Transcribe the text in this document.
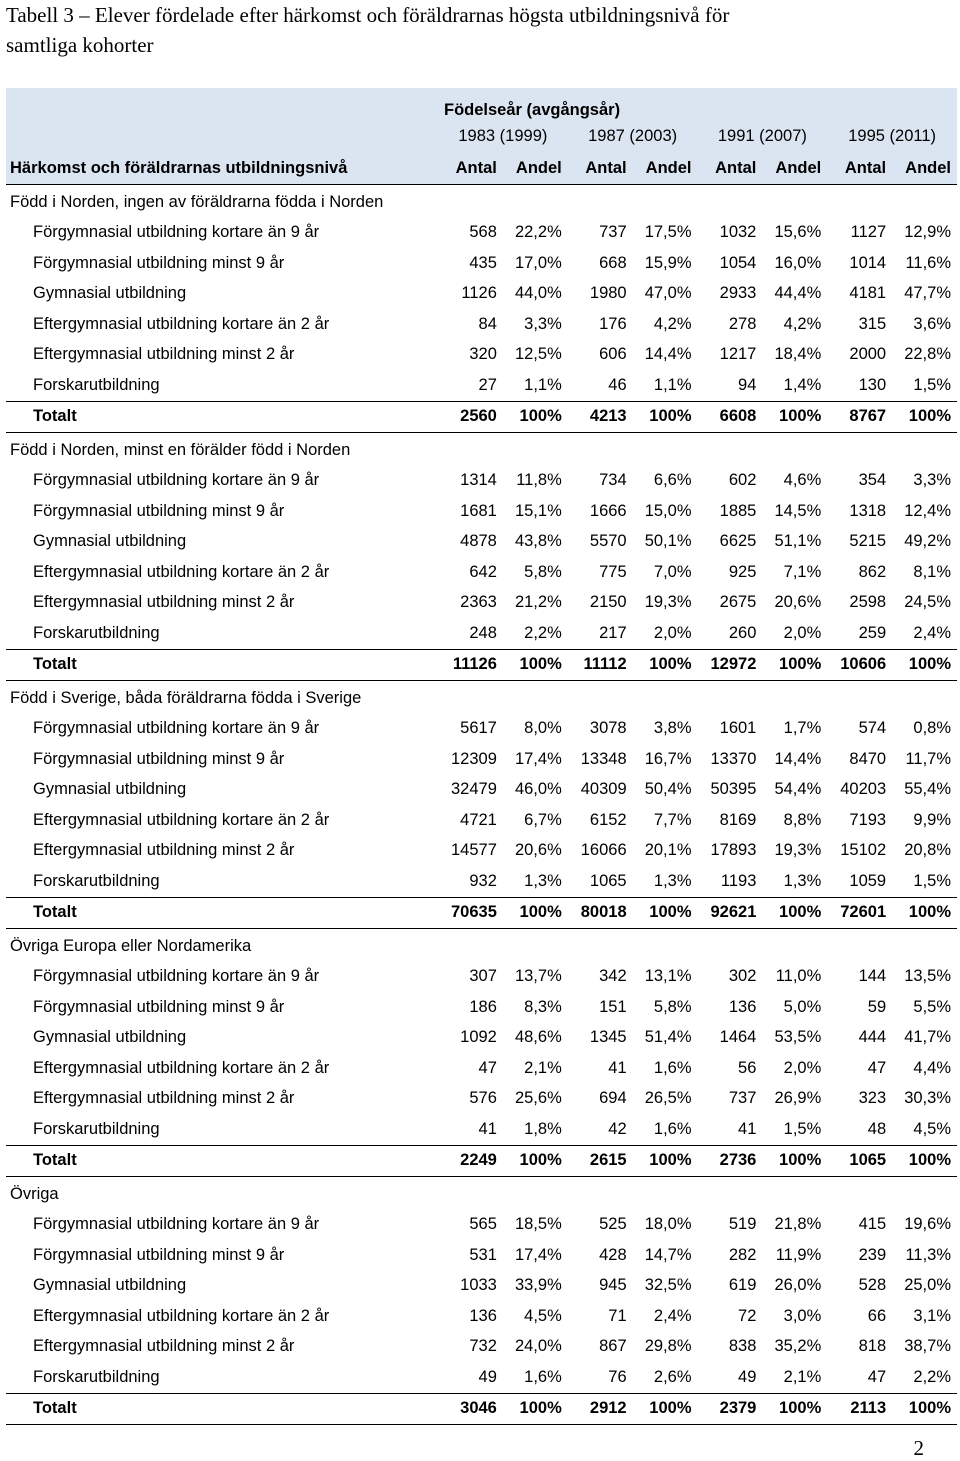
Tabell 3 – Elever fördelade efter härkomst och föräldrarnas högsta utbildningsnivå för
samtliga kohorter
	Födelseår (avgångsår)							
	1983 (1999)		1987 (2003)		1991 (2007)		1995 (2011)	
Härkomst och föräldrarnas utbildningsnivå	Antal	Andel	Antal	Andel	Antal	Andel	Antal	Andel
Född i Norden, ingen av föräldrarna födda i Norden								
Förgymnasial utbildning kortare än 9 år	568	22,2%	737	17,5%	1032	15,6%	1127	12,9%
Förgymnasial utbildning minst 9 år	435	17,0%	668	15,9%	1054	16,0%	1014	11,6%
Gymnasial utbildning	1126	44,0%	1980	47,0%	2933	44,4%	4181	47,7%
Eftergymnasial utbildning kortare än 2 år	84	3,3%	176	4,2%	278	4,2%	315	3,6%
Eftergymnasial utbildning minst 2 år	320	12,5%	606	14,4%	1217	18,4%	2000	22,8%
Forskarutbildning	27	1,1%	46	1,1%	94	1,4%	130	1,5%
Totalt	2560	100%	4213	100%	6608	100%	8767	100%
Född i Norden, minst en förälder född i Norden								
Förgymnasial utbildning kortare än 9 år	1314	11,8%	734	6,6%	602	4,6%	354	3,3%
Förgymnasial utbildning minst 9 år	1681	15,1%	1666	15,0%	1885	14,5%	1318	12,4%
Gymnasial utbildning	4878	43,8%	5570	50,1%	6625	51,1%	5215	49,2%
Eftergymnasial utbildning kortare än 2 år	642	5,8%	775	7,0%	925	7,1%	862	8,1%
Eftergymnasial utbildning minst 2 år	2363	21,2%	2150	19,3%	2675	20,6%	2598	24,5%
Forskarutbildning	248	2,2%	217	2,0%	260	2,0%	259	2,4%
Totalt	11126	100%	11112	100%	12972	100%	10606	100%
Född i Sverige, båda föräldrarna födda i Sverige								
Förgymnasial utbildning kortare än 9 år	5617	8,0%	3078	3,8%	1601	1,7%	574	0,8%
Förgymnasial utbildning minst 9 år	12309	17,4%	13348	16,7%	13370	14,4%	8470	11,7%
Gymnasial utbildning	32479	46,0%	40309	50,4%	50395	54,4%	40203	55,4%
Eftergymnasial utbildning kortare än 2 år	4721	6,7%	6152	7,7%	8169	8,8%	7193	9,9%
Eftergymnasial utbildning minst 2 år	14577	20,6%	16066	20,1%	17893	19,3%	15102	20,8%
Forskarutbildning	932	1,3%	1065	1,3%	1193	1,3%	1059	1,5%
Totalt	70635	100%	80018	100%	92621	100%	72601	100%
Övriga Europa eller Nordamerika								
Förgymnasial utbildning kortare än 9 år	307	13,7%	342	13,1%	302	11,0%	144	13,5%
Förgymnasial utbildning minst 9 år	186	8,3%	151	5,8%	136	5,0%	59	5,5%
Gymnasial utbildning	1092	48,6%	1345	51,4%	1464	53,5%	444	41,7%
Eftergymnasial utbildning kortare än 2 år	47	2,1%	41	1,6%	56	2,0%	47	4,4%
Eftergymnasial utbildning minst 2 år	576	25,6%	694	26,5%	737	26,9%	323	30,3%
Forskarutbildning	41	1,8%	42	1,6%	41	1,5%	48	4,5%
Totalt	2249	100%	2615	100%	2736	100%	1065	100%
Övriga								
Förgymnasial utbildning kortare än 9 år	565	18,5%	525	18,0%	519	21,8%	415	19,6%
Förgymnasial utbildning minst 9 år	531	17,4%	428	14,7%	282	11,9%	239	11,3%
Gymnasial utbildning	1033	33,9%	945	32,5%	619	26,0%	528	25,0%
Eftergymnasial utbildning kortare än 2 år	136	4,5%	71	2,4%	72	3,0%	66	3,1%
Eftergymnasial utbildning minst 2 år	732	24,0%	867	29,8%	838	35,2%	818	38,7%
Forskarutbildning	49	1,6%	76	2,6%	49	2,1%	47	2,2%
Totalt	3046	100%	2912	100%	2379	100%	2113	100%
2
